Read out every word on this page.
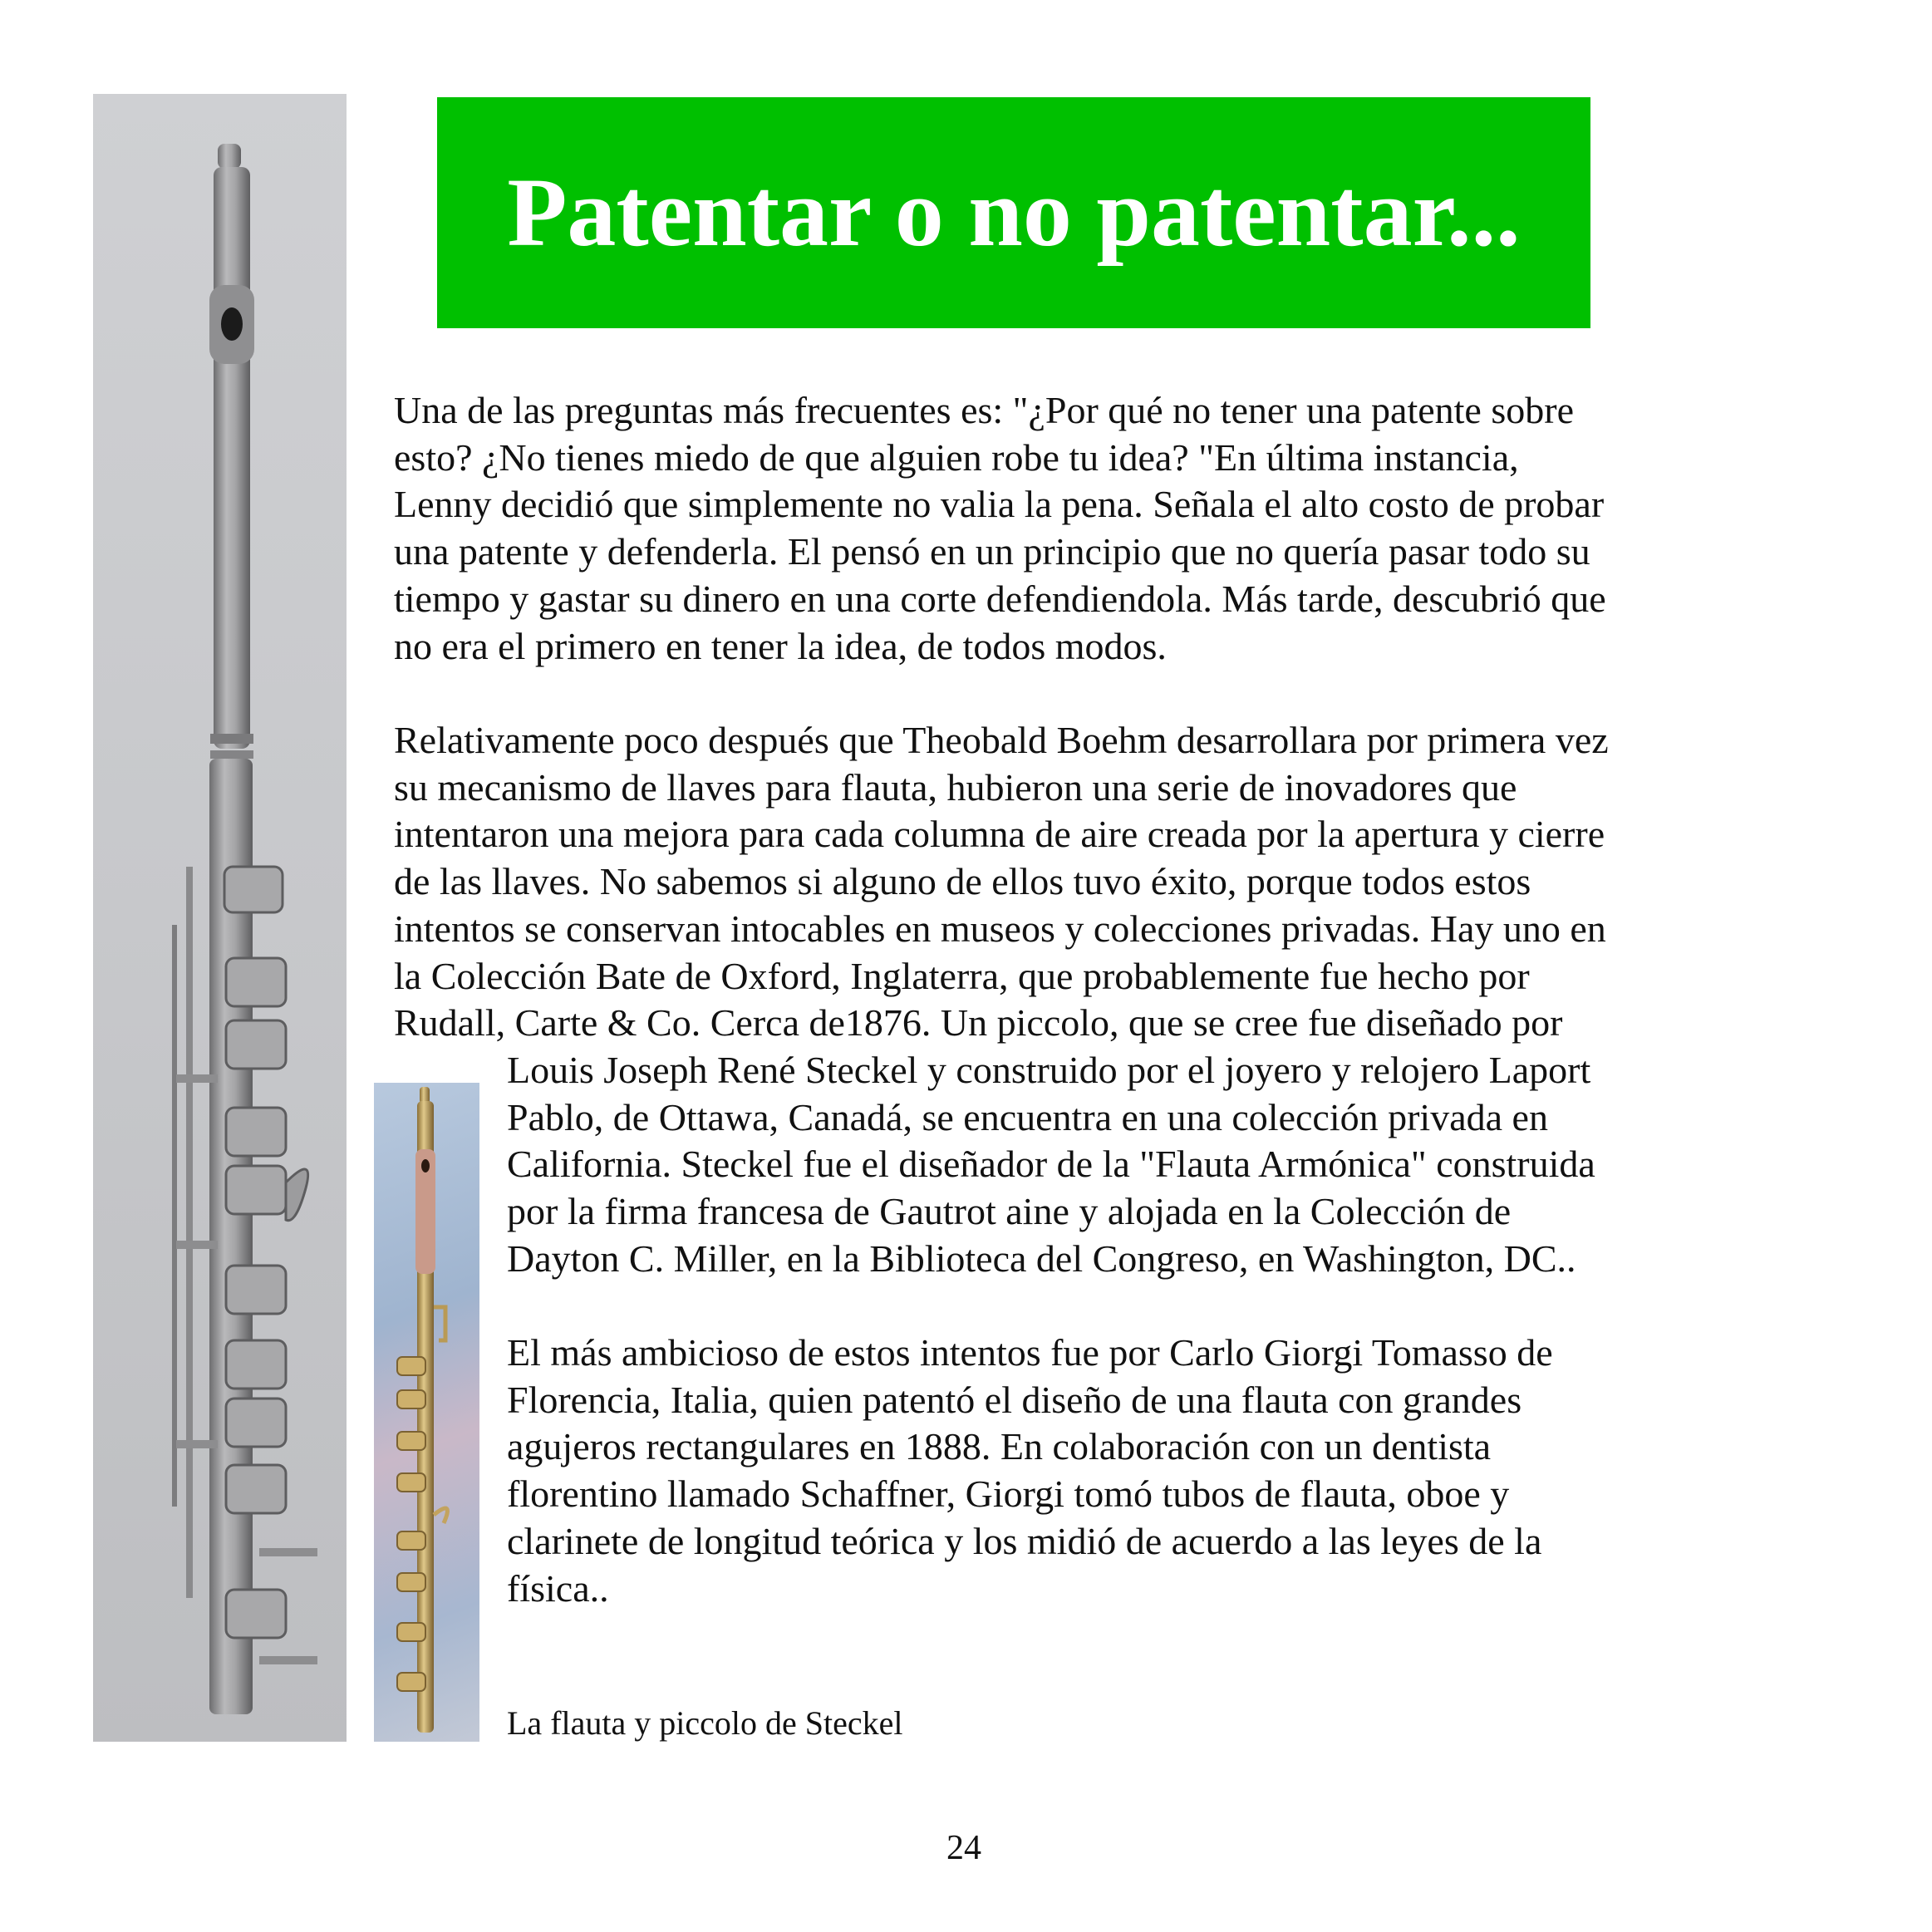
Patentar o no patentar...

Una de las preguntas más frecuentes es: "¿Por qué no tener una patente sobre
esto? ¿No tienes miedo de que alguien robe tu idea? "En última instancia,
Lenny decidió que simplemente no valia la pena. Señala el alto costo de probar
una patente y defenderla. El pensó en un principio que no quería pasar todo su
tiempo y gastar su dinero en una corte defendiendola. Más tarde, descubrió que
no era el primero en tener la idea, de todos modos.

Relativamente poco después que Theobald Boehm desarrollara por primera vez
su mecanismo de llaves para flauta, hubieron una serie de inovadores que
intentaron una mejora para cada columna de aire creada por la apertura y cierre
de las llaves. No sabemos si alguno de ellos tuvo éxito, porque todos estos
intentos se conservan intocables en museos y colecciones privadas. Hay uno en
la Colección Bate de Oxford, Inglaterra, que probablemente fue hecho por
Rudall, Carte & Co. Cerca de1876. Un piccolo, que se cree fue diseñado por

Louis Joseph René Steckel y construido por el joyero y relojero Laport
Pablo, de Ottawa, Canadá, se encuentra en una colección privada en
California. Steckel fue el diseñador de la "Flauta Armónica" construida
por la firma francesa de Gautrot aine y alojada en la Colección de
Dayton C. Miller, en la Biblioteca del Congreso, en Washington, DC..

El más ambicioso de estos intentos fue por Carlo Giorgi Tomasso de
Florencia, Italia, quien patentó el diseño de una flauta con grandes
agujeros rectangulares en 1888. En colaboración con un dentista
florentino llamado Schaffner, Giorgi tomó tubos de flauta, oboe y
clarinete de longitud teórica y los midió de acuerdo a las leyes de la
física..

La flauta y piccolo de Steckel

24
